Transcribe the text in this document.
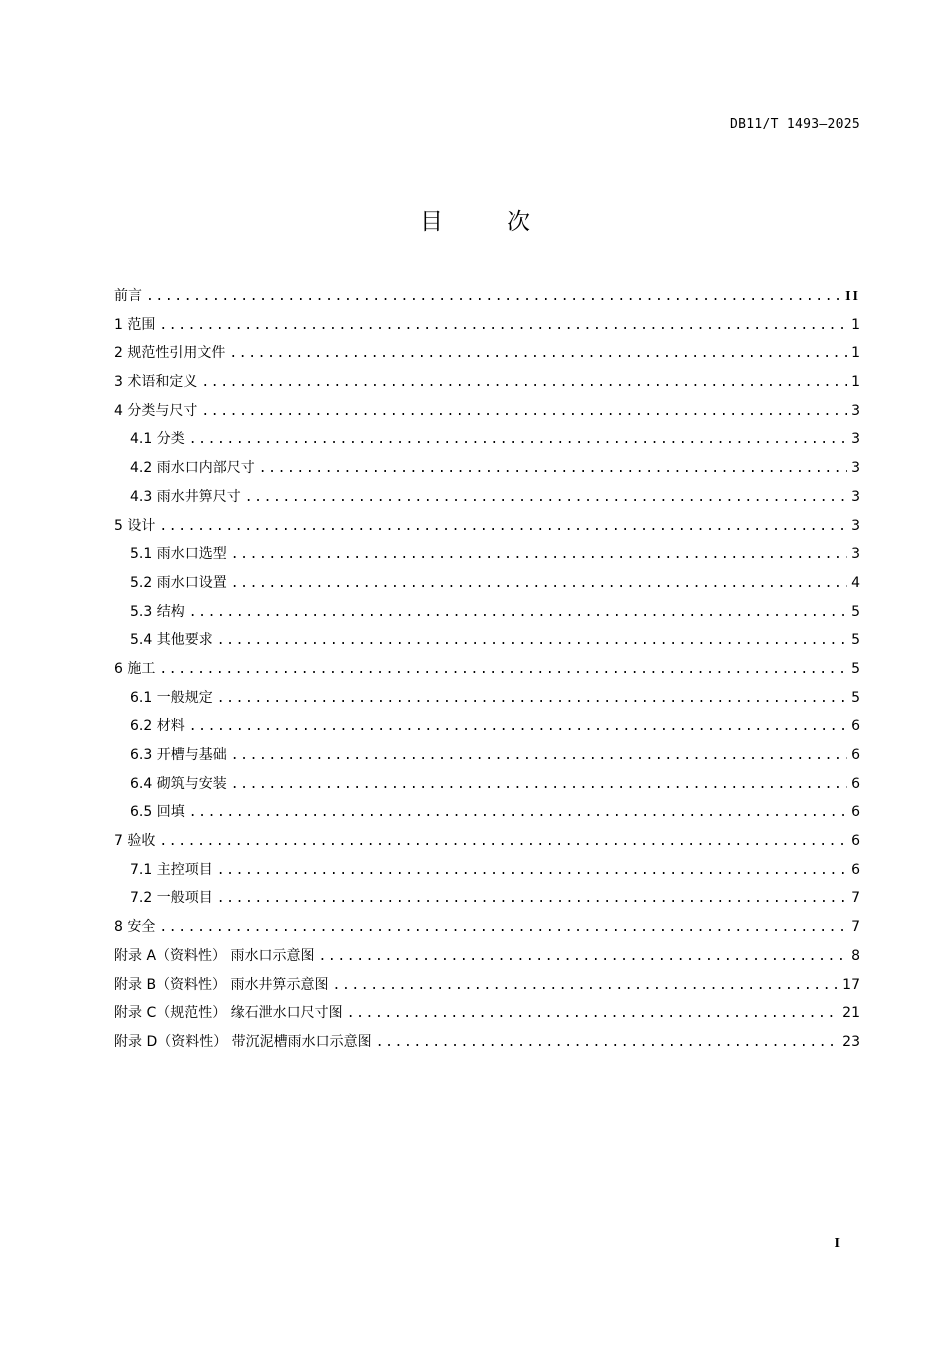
DB11/T 1493—2025
目	次
前言 .....	II
1 范围 .....	1
2 规范性引用文件 .....	1
3 术语和定义 .....	1
4 分类与尺寸 .....	3
4.1 分类 .....	3
4.2 雨水口内部尺寸 .....	3
4.3 雨水井箅尺寸 .....	3
5 设计 .....	3
5.1 雨水口选型 .....	3
5.2 雨水口设置 .....	4
5.3 结构 .....	5
5.4 其他要求 .....	5
6 施工 .....	5
6.1 一般规定 .....	5
6.2 材料 .....	6
6.3 开槽与基础 .....	6
6.4 砌筑与安装 .....	6
6.5 回填 .....	6
7 验收 .....	6
7.1 主控项目 .....	6
7.2 一般项目 .....	7
8 安全 .....	7
附录 A（资料性） 雨水口示意图 .....	8
附录 B（资料性） 雨水井箅示意图 .....	17
附录 C（规范性） 缘石泄水口尺寸图 .....	21
附录 D（资料性） 带沉泥槽雨水口示意图 .....	23
I
